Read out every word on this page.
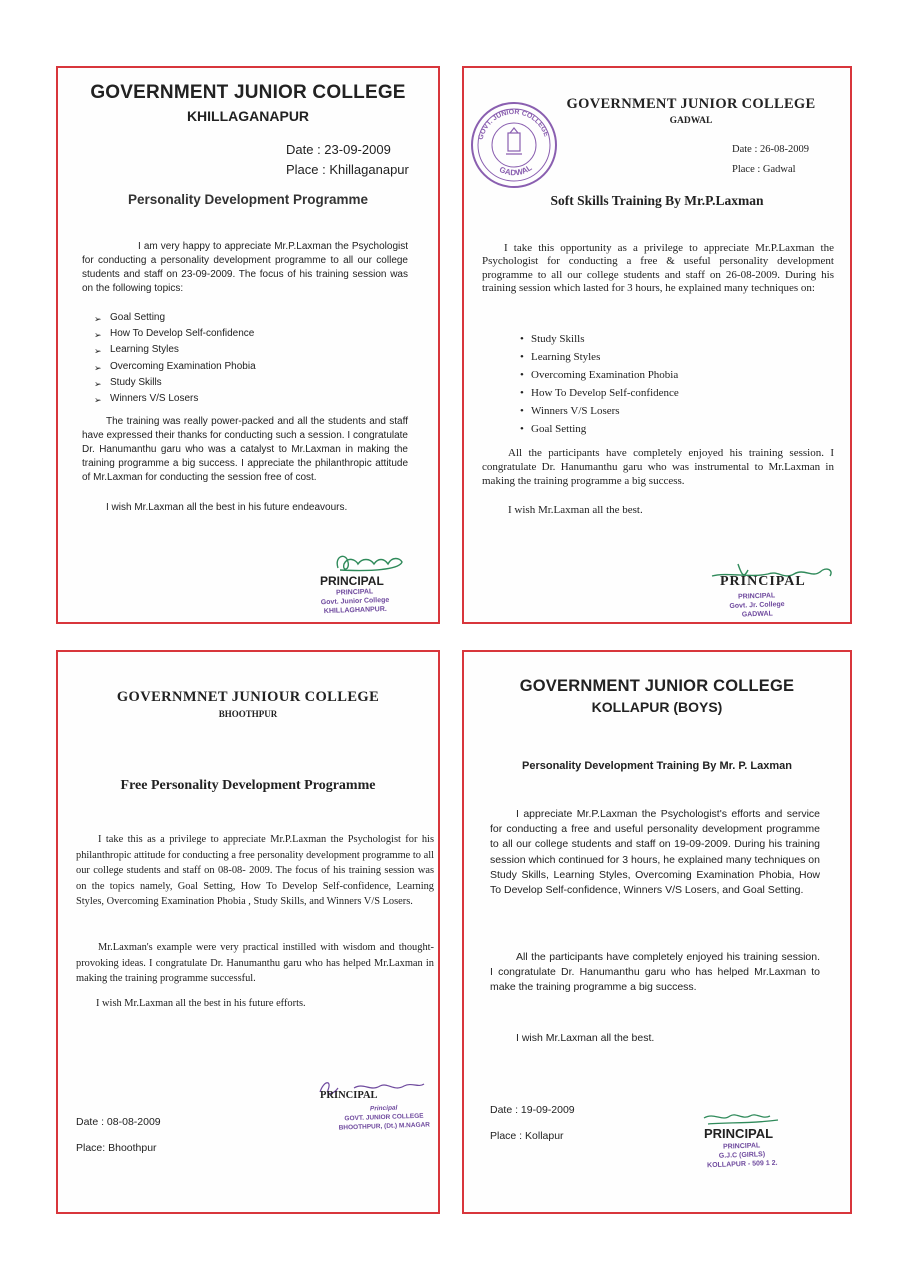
GOVERNMENT JUNIOR COLLEGE
KHILLAGANAPUR
Date : 23-09-2009
Place : Khillaganapur
Personality Development Programme

I am very happy to appreciate Mr.P.Laxman the Psychologist for conducting a personality development programme to all our college students and staff on 23-09-2009. The focus of his training session was on the following topics:

➢ Goal Setting
➢ How To Develop Self-confidence
➢ Learning Styles
➢ Overcoming Examination Phobia
➢ Study Skills
➢ Winners V/S Losers

The training was really power-packed and all the students and staff have expressed their thanks for conducting such a session. I congratulate Dr. Hanumanthu garu who was a catalyst to Mr.Laxman in making the training programme a big success. I appreciate the philanthropic attitude of Mr.Laxman for conducting the session free of cost.

I wish Mr.Laxman all the best in his future endeavours.

PRINCIPAL
PRINCIPAL
Govt. Junior College
KHILLAGHANPUR.
GOVT. JUNIOR COLLEGE
GADWAL
GOVERNMENT JUNIOR COLLEGE
GADWAL
Date : 26-08-2009
Place : Gadwal
Soft Skills Training By Mr.P.Laxman

I take this opportunity as a privilege to appreciate Mr.P.Laxman the Psychologist for conducting a free & useful personality development programme to all our college students and staff on 26-08-2009. During his training session which lasted for 3 hours, he explained many techniques on:

• Study Skills
• Learning Styles
• Overcoming Examination Phobia
• How To Develop Self-confidence
• Winners V/S Losers
• Goal Setting

All the participants have completely enjoyed his training session. I congratulate Dr. Hanumanthu garu who was instrumental to Mr.Laxman in making the training programme a big success.

I wish Mr.Laxman all the best.

PRINCIPAL
PRINCIPAL
Govt. Jr. College
GADWAL
GOVERNMNET JUNIOUR COLLEGE
BHOOTHPUR
Free Personality Development Programme

I take this as a privilege to appreciate Mr.P.Laxman the Psychologist for his philanthropic attitude for conducting a free personality development programme to all our college students and staff on 08-08- 2009. The focus of his training session was on the topics namely, Goal Setting, How To Develop Self-confidence, Learning Styles, Overcoming Examination Phobia , Study Skills, and Winners V/S Losers.

Mr.Laxman's example were very practical instilled with wisdom and thought-provoking ideas. I congratulate Dr. Hanumanthu garu who has helped Mr.Laxman in making the training programme successful.

I wish Mr.Laxman all the best in his future efforts.

PRINCIPAL
Principal
GOVT. JUNIOR COLLEGE
BHOOTHPUR, (Dt.) M.NAGAR
Date : 08-08-2009
Place: Bhoothpur
GOVERNMENT JUNIOR COLLEGE
KOLLAPUR (BOYS)
Personality Development Training By Mr. P. Laxman

I appreciate Mr.P.Laxman the Psychologist's efforts and service for conducting a free and useful personality development programme to all our college students and staff on 19-09-2009. During his training session which continued for 3 hours, he explained many techniques on Study Skills, Learning Styles, Overcoming Examination Phobia, How To Develop Self-confidence, Winners V/S Losers, and Goal Setting.

All the participants have completely enjoyed his training session. I congratulate Dr. Hanumanthu garu who has helped Mr.Laxman to make the training programme a big success.

I wish Mr.Laxman all the best.

Date : 19-09-2009
Place : Kollapur	PRINCIPAL
PRINCIPAL
G.J.C (GIRLS)
KOLLAPUR - 509 1 2.
